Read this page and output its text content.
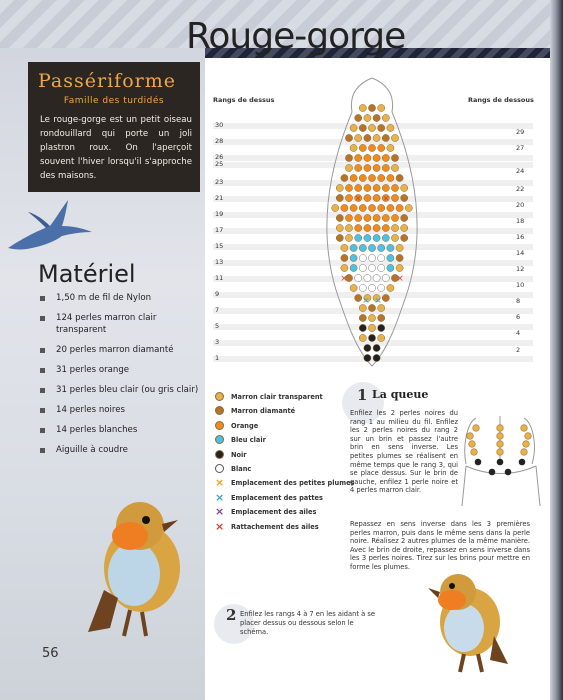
Rouge-gorge
Passériforme
Famille des turdidés
Le rouge-gorge est un petit oiseau rondouillard qui porte un joli plastron roux. On l'aperçoit souvent l'hiver lorsqu'il s'approche des maisons.
Matériel
1,50 m de fil de Nylon
124 perles marron clair transparent
20 perles marron diamanté
31 perles orange
31 perles bleu clair (ou gris clair)
14 perles noires
14 perles blanches
Aiguille à coudre
56
Rangs de dessus	Rangs de dessous
30
28
26
25
23
21
19
17
15
13
11
9
7
5
3
1
29
27
24
22
20
18
16
14
12
10
8
6
4
2
× ×
×	×
× ×
Marron clair transparent
Marron diamanté
Orange
Bleu clair
Noir
Blanc
× Emplacement des petites plumes
× Emplacement des pattes
× Emplacement des ailes
× Rattachement des ailes
1 La queue
Enfilez les 2 perles noires du rang 1 au milieu du fil. Enfilez les 2 perles noires du rang 2 sur un brin et passez l'autre brin en sens inverse. Les petites plumes se réalisent en même temps que le rang 3, qui se place dessus. Sur le brin de gauche, enfilez 1 perle noire et 4 perles marron clair.
Repassez en sens inverse dans les 3 premières perles marron, puis dans le même sens dans la perle noire. Réalisez 2 autres plumes de la même manière. Avec le brin de droite, repassez en sens inverse dans les 3 perles noires. Tirez sur les brins pour mettre en forme les plumes.
2 Enfilez les rangs 4 à 7 en les aidant à se placer dessus ou dessous selon le schéma.
